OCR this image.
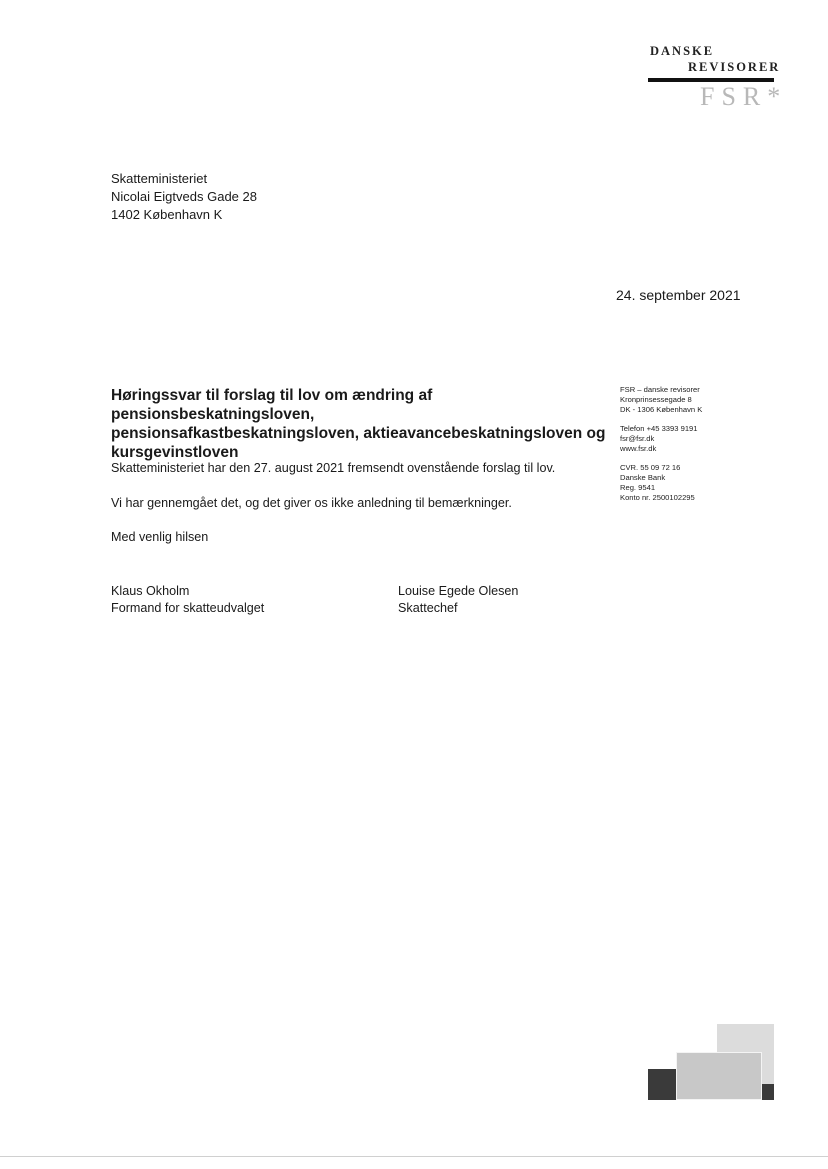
DANSKE
REVISORER
FSR*
Skatteministeriet
Nicolai Eigtveds Gade 28
1402 København K
24. september 2021
Høringssvar til forslag til lov om ændring af pensionsbeskatningsloven,
pensionsafkastbeskatningsloven, aktieavancebeskatningsloven og
kursgevinstloven
Skatteministeriet har den 27. august 2021 fremsendt ovenstående forslag til lov.
Vi har gennemgået det, og det giver os ikke anledning til bemærkninger.
Med venlig hilsen
Klaus Okholm
Formand for skatteudvalget
Louise Egede Olesen
Skattechef
FSR – danske revisorer
Kronprinsessegade 8
DK - 1306 København K
Telefon +45 3393 9191
fsr@fsr.dk
www.fsr.dk
CVR. 55 09 72 16
Danske Bank
Reg. 9541
Konto nr. 2500102295
